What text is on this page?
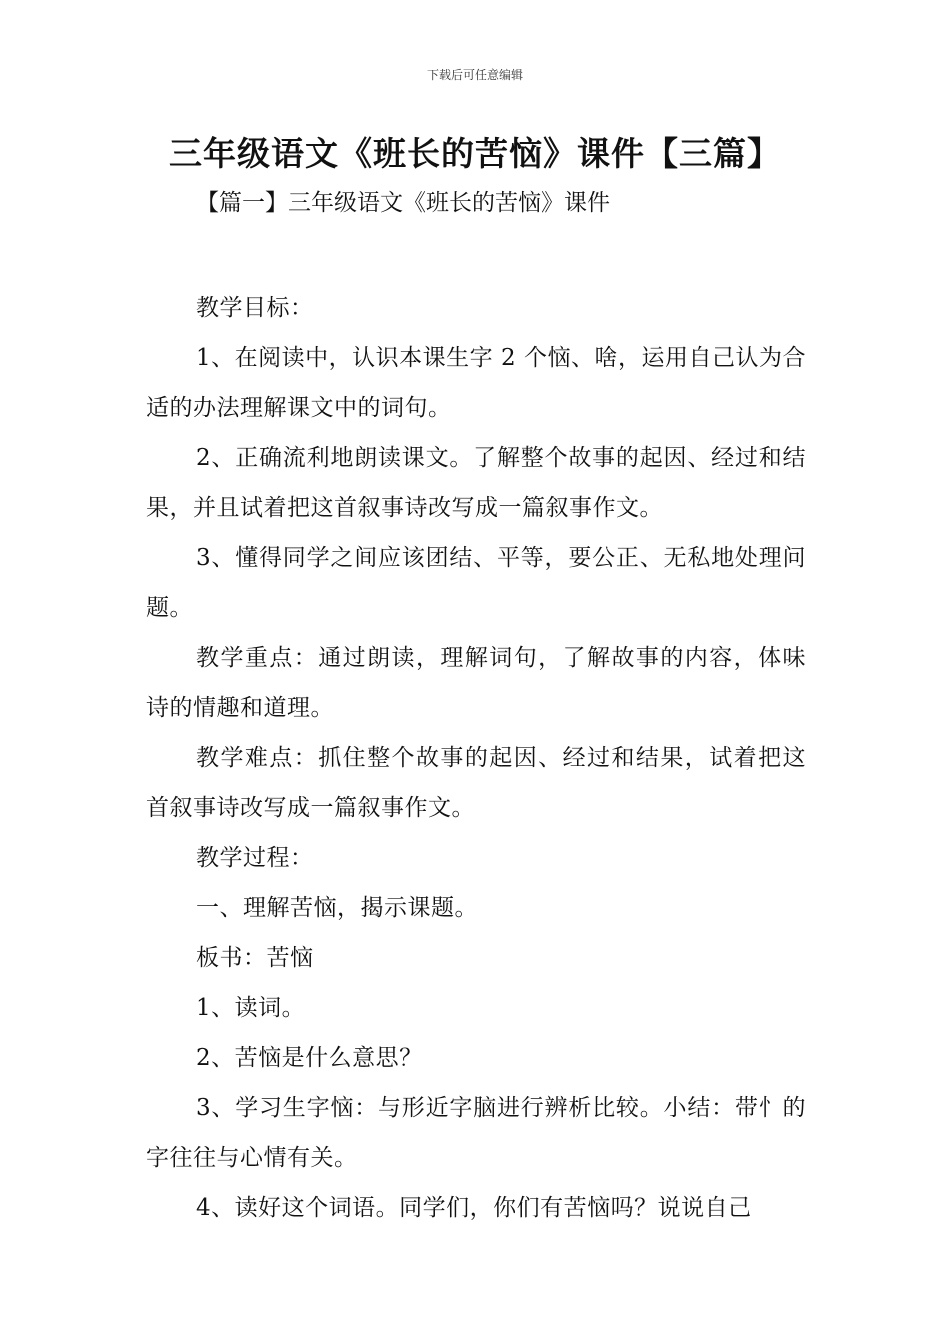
下载后可任意编辑
三年级语文《班长的苦恼》课件【三篇】
【篇一】三年级语文《班长的苦恼》课件

教学目标：

1、在阅读中，认识本课生字 2 个恼、啥，运用自己认为合适的办法理解课文中的词句。

2、正确流利地朗读课文。了解整个故事的起因、经过和结果，并且试着把这首叙事诗改写成一篇叙事作文。

3、懂得同学之间应该团结、平等，要公正、无私地处理问题。

教学重点：通过朗读，理解词句，了解故事的内容，体味诗的情趣和道理。

教学难点：抓住整个故事的起因、经过和结果，试着把这首叙事诗改写成一篇叙事作文。

教学过程：

一、理解苦恼，揭示课题。

板书：苦恼

1、读词。

2、苦恼是什么意思？

3、学习生字恼：与形近字脑进行辨析比较。小结：带忄的字往往与心情有关。

4、读好这个词语。同学们，你们有苦恼吗？说说自己
